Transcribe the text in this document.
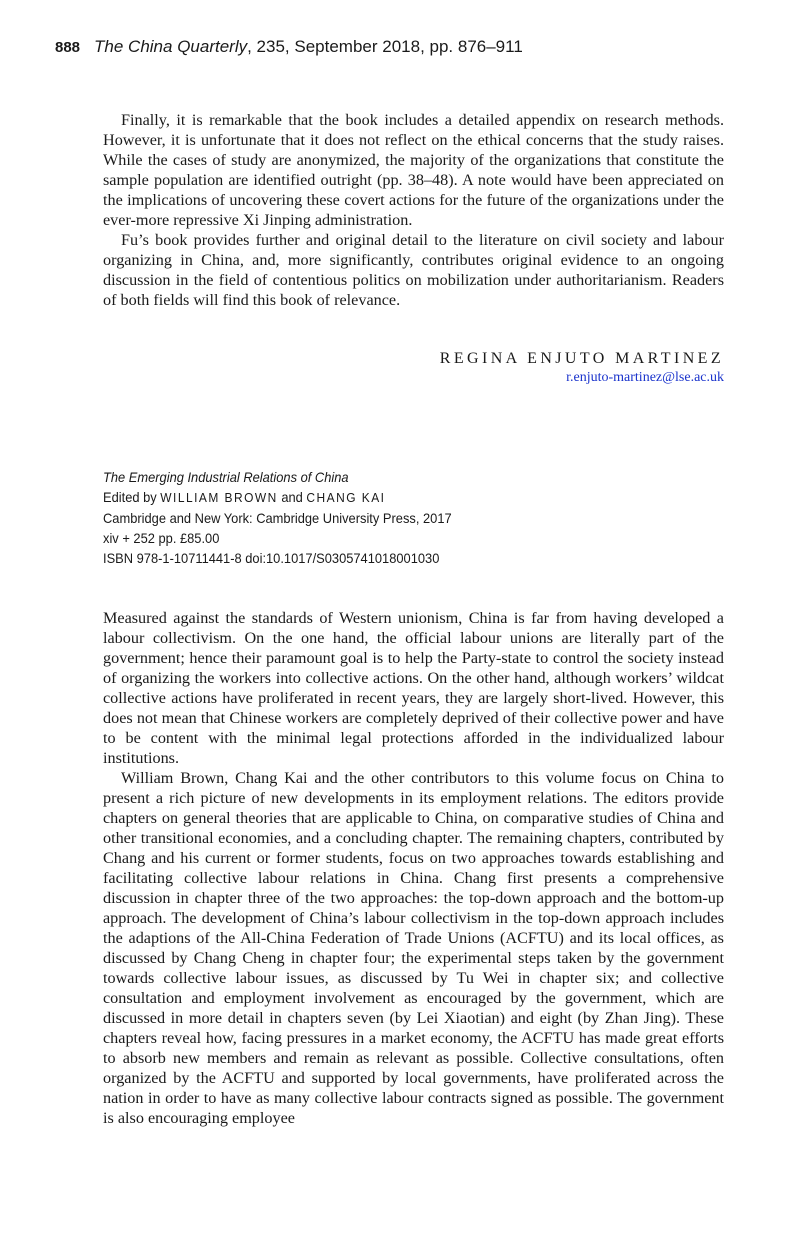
888 The China Quarterly, 235, September 2018, pp. 876–911

Finally, it is remarkable that the book includes a detailed appendix on research methods. However, it is unfortunate that it does not reflect on the ethical concerns that the study raises. While the cases of study are anonymized, the majority of the organizations that constitute the sample population are identified outright (pp. 38–48). A note would have been appreciated on the implications of uncovering these covert actions for the future of the organizations under the ever-more repressive Xi Jinping administration.

Fu’s book provides further and original detail to the literature on civil society and labour organizing in China, and, more significantly, contributes original evidence to an ongoing discussion in the field of contentious politics on mobilization under authoritarianism. Readers of both fields will find this book of relevance.

REGINA ENJUTO MARTINEZ
r.enjuto-martinez@lse.ac.uk
The Emerging Industrial Relations of China
Edited by WILLIAM BROWN and CHANG KAI
Cambridge and New York: Cambridge University Press, 2017
xiv + 252 pp. £85.00
ISBN 978-1-10711441-8 doi:10.1017/S0305741018001030

Measured against the standards of Western unionism, China is far from having developed a labour collectivism. On the one hand, the official labour unions are literally part of the government; hence their paramount goal is to help the Party-state to control the society instead of organizing the workers into collective actions. On the other hand, although workers’ wildcat collective actions have proliferated in recent years, they are largely short-lived. However, this does not mean that Chinese workers are completely deprived of their collective power and have to be content with the minimal legal protections afforded in the individualized labour institutions.

William Brown, Chang Kai and the other contributors to this volume focus on China to present a rich picture of new developments in its employment relations. The editors provide chapters on general theories that are applicable to China, on comparative studies of China and other transitional economies, and a concluding chapter. The remaining chapters, contributed by Chang and his current or former students, focus on two approaches towards establishing and facilitating collective labour relations in China. Chang first presents a comprehensive discussion in chapter three of the two approaches: the top-down approach and the bottom-up approach. The development of China’s labour collectivism in the top-down approach includes the adaptions of the All-China Federation of Trade Unions (ACFTU) and its local offices, as discussed by Chang Cheng in chapter four; the experimental steps taken by the government towards collective labour issues, as discussed by Tu Wei in chapter six; and collective consultation and employment involvement as encouraged by the government, which are discussed in more detail in chapters seven (by Lei Xiaotian) and eight (by Zhan Jing). These chapters reveal how, facing pressures in a market economy, the ACFTU has made great efforts to absorb new members and remain as relevant as possible. Collective consultations, often organized by the ACFTU and supported by local governments, have proliferated across the nation in order to have as many collective labour contracts signed as possible. The government is also encouraging employee
